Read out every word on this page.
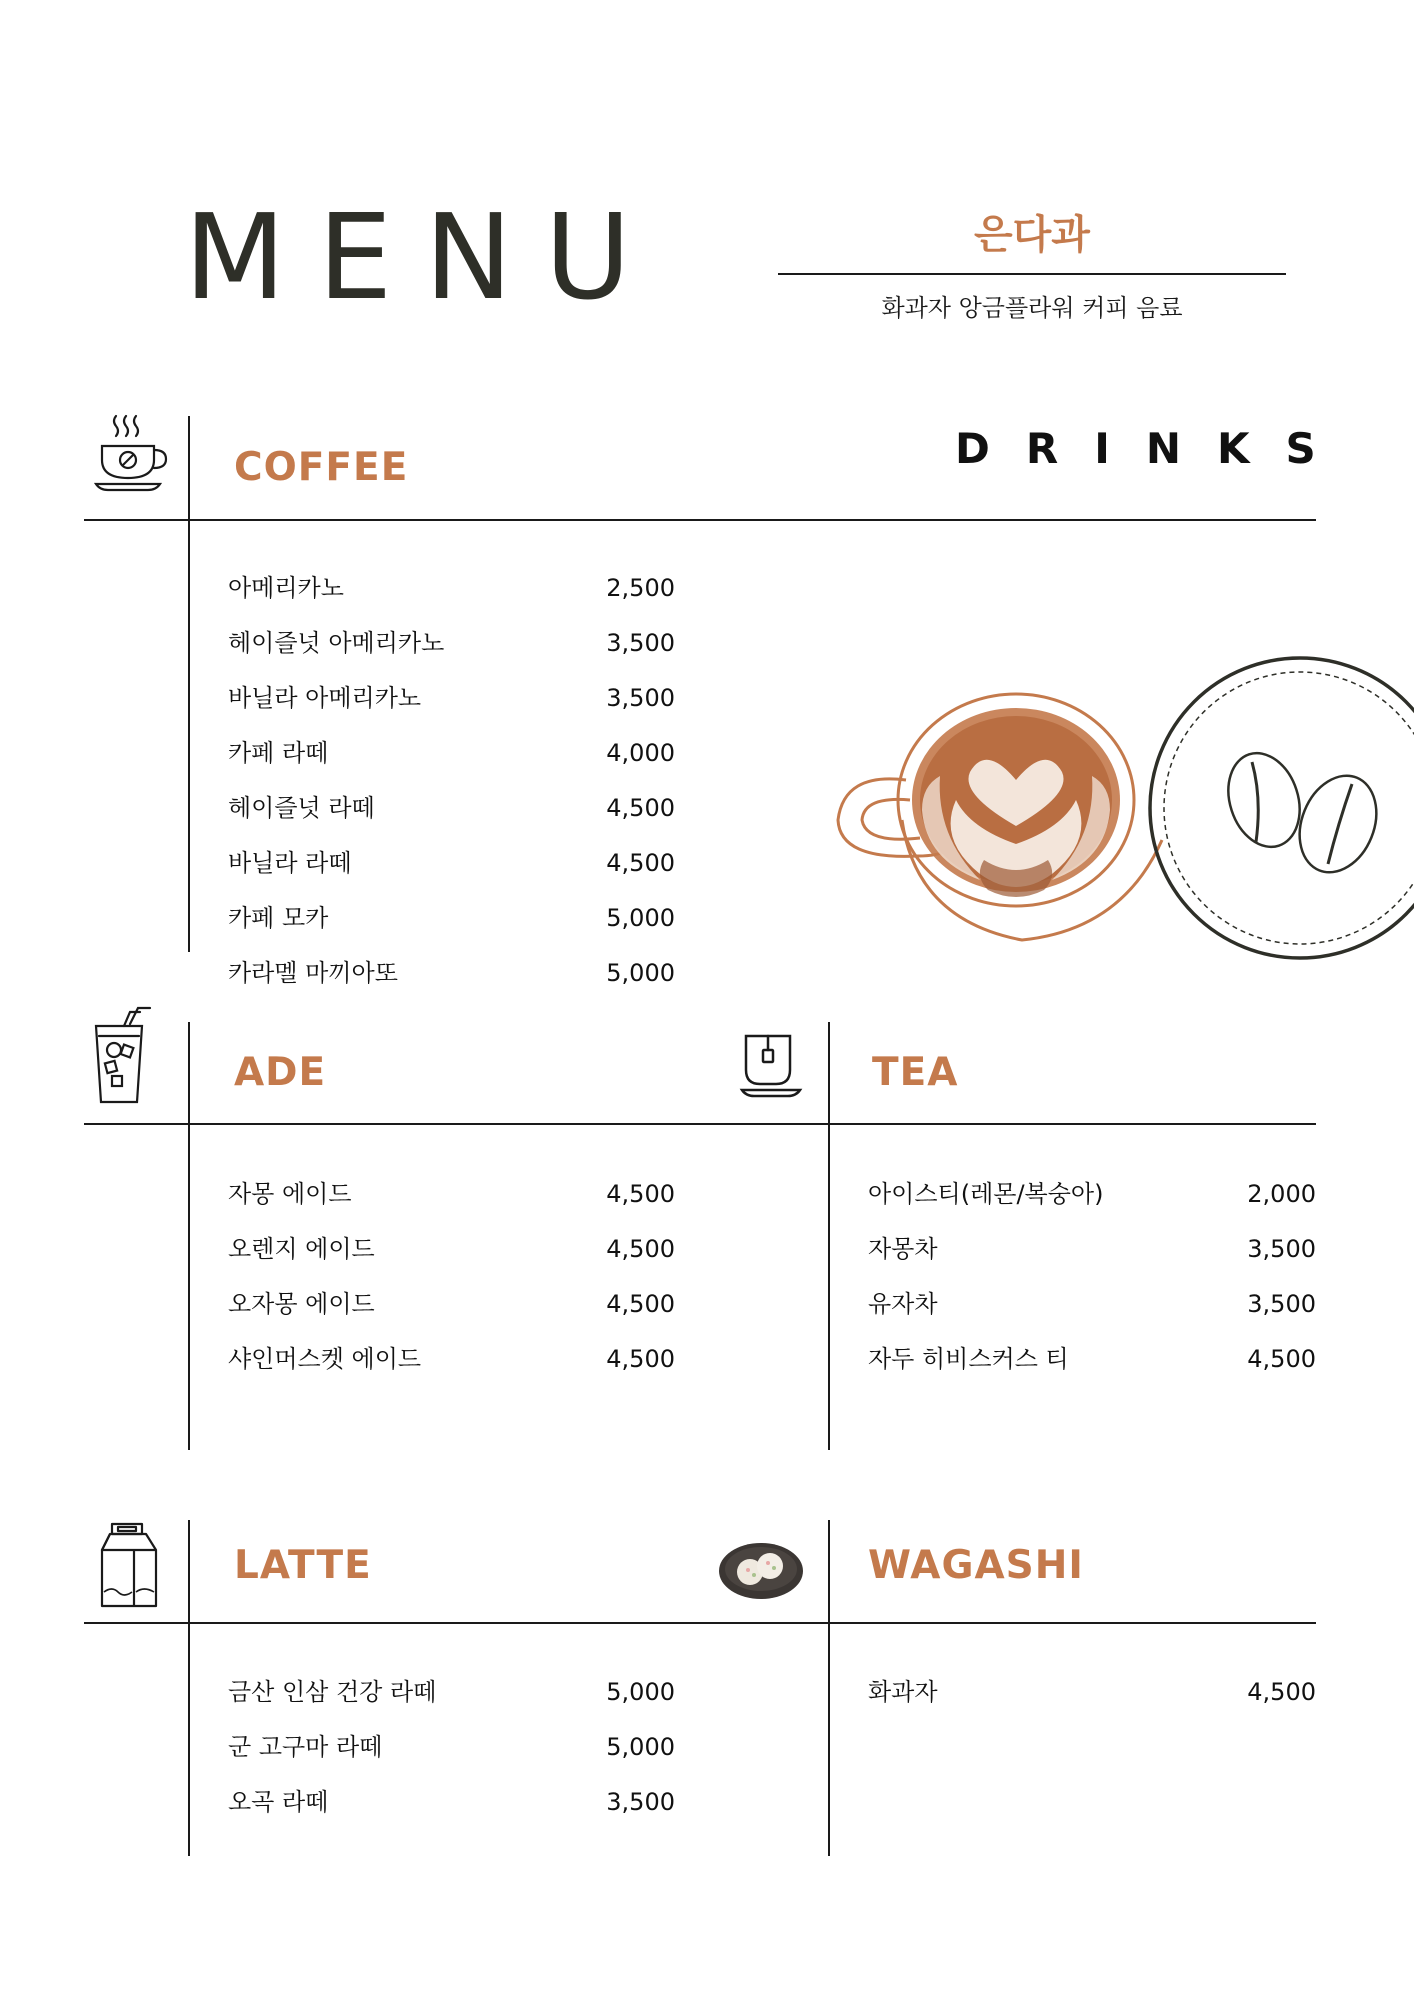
MENU	은다과
화과자 앙금플라워 커피 음료
DRINKS
COFFEE
아메리카노	2,500
헤이즐넛 아메리카노	3,500
바닐라 아메리카노	3,500
카페 라떼	4,000
헤이즐넛 라떼	4,500
바닐라 라떼	4,500
카페 모카	5,000
카라멜 마끼아또	5,000
ADE
자몽 에이드	4,500
오렌지 에이드	4,500
오자몽 에이드	4,500
샤인머스켓 에이드	4,500
TEA
아이스티(레몬/복숭아)	2,000
자몽차	3,500
유자차	3,500
자두 히비스커스 티	4,500
LATTE
금산 인삼 건강 라떼	5,000
군 고구마 라떼	5,000
오곡 라떼	3,500
WAGASHI
화과자	4,500
